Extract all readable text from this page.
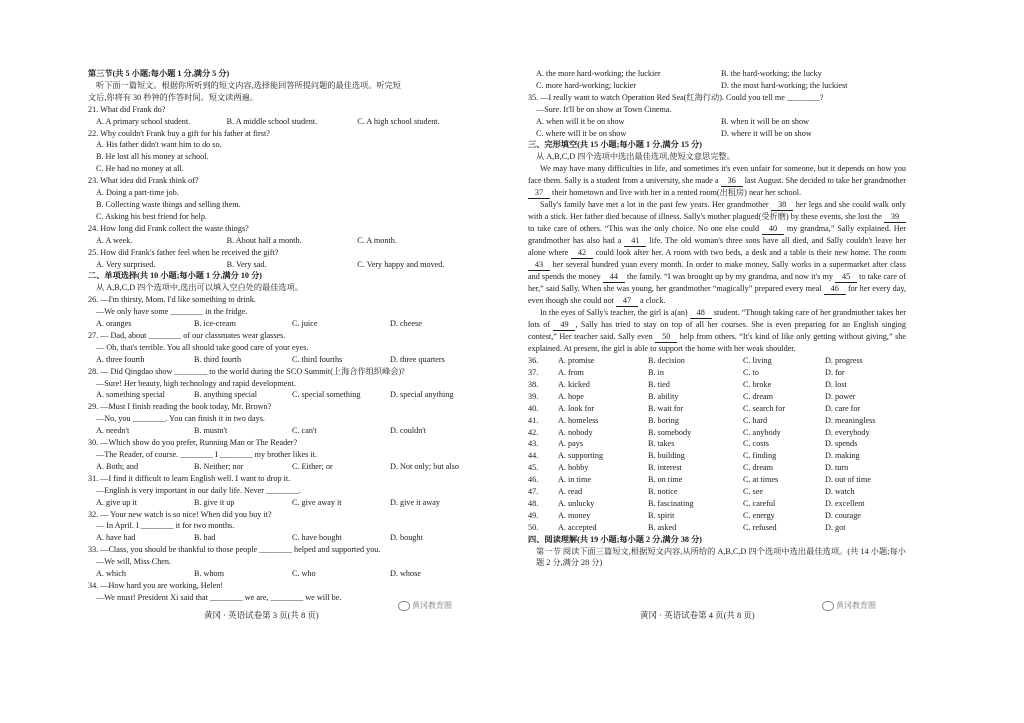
第三节(共 5 小题;每小题 1 分,满分 5 分)
听下面一篇短文。根据你所听到的短文内容,选择能回答所提问题的最佳选项。听完短
文后,你将有 30 秒钟的作答时间。短文读两遍。
21. What did Frank do?
A. A primary school student.	B. A middle school student.	C. A high school student.
22. Why couldn't Frank buy a gift for his father at first?
A. His father didn't want him to do so.
B. He lost all his money at school.
C. He had no money at all.
23. What idea did Frank think of?
A. Doing a part-time job.
B. Collecting waste things and selling them.
C. Asking his best friend for help.
24. How long did Frank collect the waste things?
A. A week.	B. About half a month.	C. A month.
25. How did Frank's father feel when he received the gift?
A. Very surprised.	B. Very sad.	C. Very happy and moved.
二、单项选择(共 10 小题;每小题 1 分,满分 10 分)
从 A,B,C,D 四个选项中,选出可以填入空白处的最佳选项。
26. —I'm thirsty, Mom. I'd like something to drink.
—We only have some ________ in the fridge.
A. oranges	B. ice-cream	C. juice	D. cheese
27. — Dad, about ________ of our classmates wear glasses.
— Oh, that's terrible. You all should take good care of your eyes.
A. three fourth	B. third fourth	C. third fourths	D. three quarters
28. — Did Qingdao show ________ to the world during the SCO Summit(上海合作组织峰会)?
—Sure! Her beauty, high technology and rapid development.
A. something special	B. anything special	C. special something	D. special anything
29. —Must I finish reading the book today, Mr. Brown?
—No, you ________. You can finish it in two days.
A. needn't	B. mustn't	C. can't	D. couldn't
30. —Which show do you prefer, Running Man or The Reader?
—The Reader, of course. ________ I ________ my brother likes it.
A. Both; and	B. Neither; nor	C. Either; or	D. Not only; but also
31. —I find it difficult to learn English well. I want to drop it.
—English is very important in our daily life. Never ________.
A. give up it	B. give it up	C. give away it	D. give it away
32. — Your new watch is so nice! When did you buy it?
— In April. I ________ it for two months.
A. have had	B. had	C. have bought	D. bought
33. —Class, you should be thankful to those people ________ helped and supported you.
—We will, Miss Chen.
A. which	B. whom	C. who	D. whose
34. —How hard you are working, Helen!
—We must! President Xi said that ________ we are, ________ we will be.
A. the more hard-working; the luckier	B. the hard-working; the lucky
C. more hard-working; luckier	D. the most hard-working; the luckiest
35. —I really want to watch Operation Red Sea(红海行动). Could you tell me ________?
—Sure. It'll be on show at Town Cinema.
A. when will it be on show	B. when it will be on show
C. where will it be on show	D. where it will be on show
三、完形填空(共 15 小题;每小题 1 分,满分 15 分)
从 A,B,C,D 四个选项中选出最佳选项,使短文意思完整。
We may have many difficulties in life, and sometimes it's even unfair for someone, but it depends on how you face them. Sally is a student from a university, she made a 36 last August. She decided to take her grandmother 37 their hometown and live with her in a rented room(出租房) near her school.
Sally's family have met a lot in the past few years. Her grandmother 38 her legs and she could walk only with a stick. Her father died because of illness. Sally's mother plagued(受折磨) by these events, she lost the 39 to take care of others. “This was the only choice. No one else could 40 my grandma,” Sally explained. Her grandmother has also had a 41 life. The old woman's three sons have all died, and Sally couldn't leave her alone where 42 could look after her. A room with two beds, a desk and a table is their new home. The room 43 her several hundred yuan every month. In order to make money, Sally works in a supermarket after class and spends the money 44 the family. “I was brought up by my grandma, and now it's my 45 to take care of her,” said Sally. When she was young, her grandmother “magically” prepared every meal 46 for her every day, even though she could not 47 a clock.
In the eyes of Sally's teacher, the girl is a(an) 48 student. “Though taking care of her grandmother takes her lots of 49 , Sally has tried to stay on top of all her courses. She is even preparing for an English singing contest,” Her teacher said. Sally even 50 help from others. “It's kind of like only getting without giving,” she explained. At present, the girl is able to support the home with her weak shoulder.
36.	A. promise	B. decision	C. living	D. progress
37.	A. from	B. in	C. to	D. for
38.	A. kicked	B. tied	C. broke	D. lost
39.	A. hope	B. ability	C. dream	D. power
40.	A. look for	B. wait for	C. search for	D. care for
41.	A. homeless	B. boring	C. hard	D. meaningless
42.	A. nobody	B. somebody	C. anybody	D. everybody
43.	A. pays	B. takes	C. costs	D. spends
44.	A. supporting	B. building	C. finding	D. making
45.	A. hobby	B. interest	C. dream	D. turn
46.	A. in time	B. on time	C. at times	D. out of time
47.	A. read	B. notice	C. see	D. watch
48.	A. unlucky	B. fascinating	C. careful	D. excellent
49.	A. money	B. spirit	C. energy	D. courage
50.	A. accepted	B. asked	C. refused	D. got
四、阅读理解(共 19 小题;每小题 2 分,满分 38 分)
第一节 阅读下面三篇短文,根据短文内容,从所给的 A,B,C,D 四个选项中选出最佳选项。(共 14 小题;每小题 2 分,满分 28 分)
黄冈 · 英语试卷第 3 页(共 8 页)	黄冈 · 英语试卷第 4 页(共 8 页)
黄冈教育圈	黄冈教育圈
